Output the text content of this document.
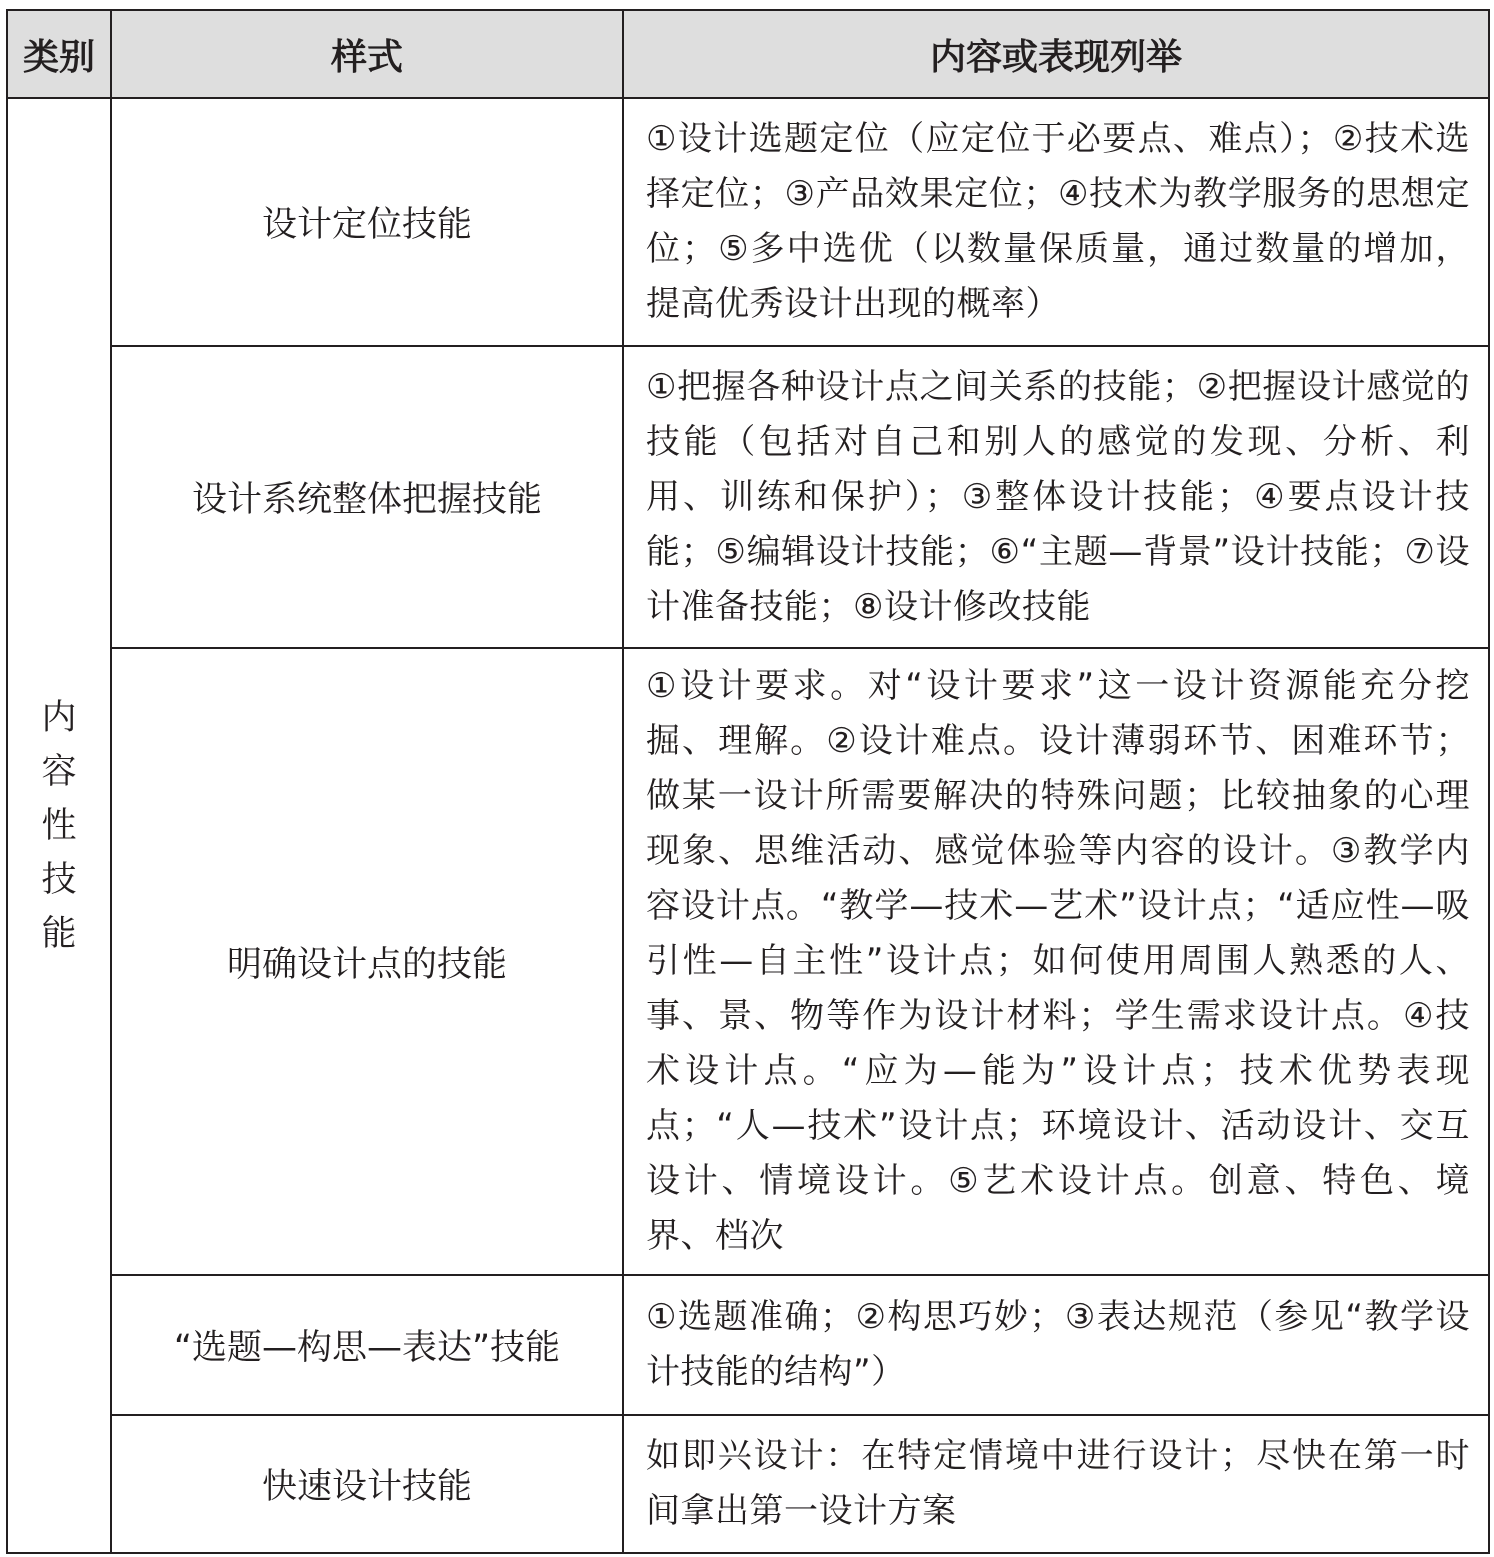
类别	样式	内容或表现列举
内容性技能	设计定位技能	①设计选题定位（应定位于必要点、难点）；②技术选择定位；③产品效果定位；④技术为教学服务的思想定位；⑤多中选优（以数量保质量，通过数量的增加，提高优秀设计出现的概率）
	设计系统整体把握技能	①把握各种设计点之间关系的技能；②把握设计感觉的技能（包括对自己和别人的感觉的发现、分析、利用、训练和保护）；③整体设计技能；④要点设计技能；⑤编辑设计技能；⑥“主题—背景”设计技能；⑦设计准备技能；⑧设计修改技能
	明确设计点的技能	①设计要求。对“设计要求”这一设计资源能充分挖掘、理解。②设计难点。设计薄弱环节、困难环节；做某一设计所需要解决的特殊问题；比较抽象的心理现象、思维活动、感觉体验等内容的设计。③教学内容设计点。“教学—技术—艺术”设计点；“适应性—吸引性—自主性”设计点；如何使用周围人熟悉的人、事、景、物等作为设计材料；学生需求设计点。④技术设计点。“应为—能为”设计点；技术优势表现点；“人—技术”设计点；环境设计、活动设计、交互设计、情境设计。⑤艺术设计点。创意、特色、境界、档次
	“选题—构思—表达”技能	①选题准确；②构思巧妙；③表达规范（参见“教学设计技能的结构”）
	快速设计技能	如即兴设计：在特定情境中进行设计；尽快在第一时间拿出第一设计方案
